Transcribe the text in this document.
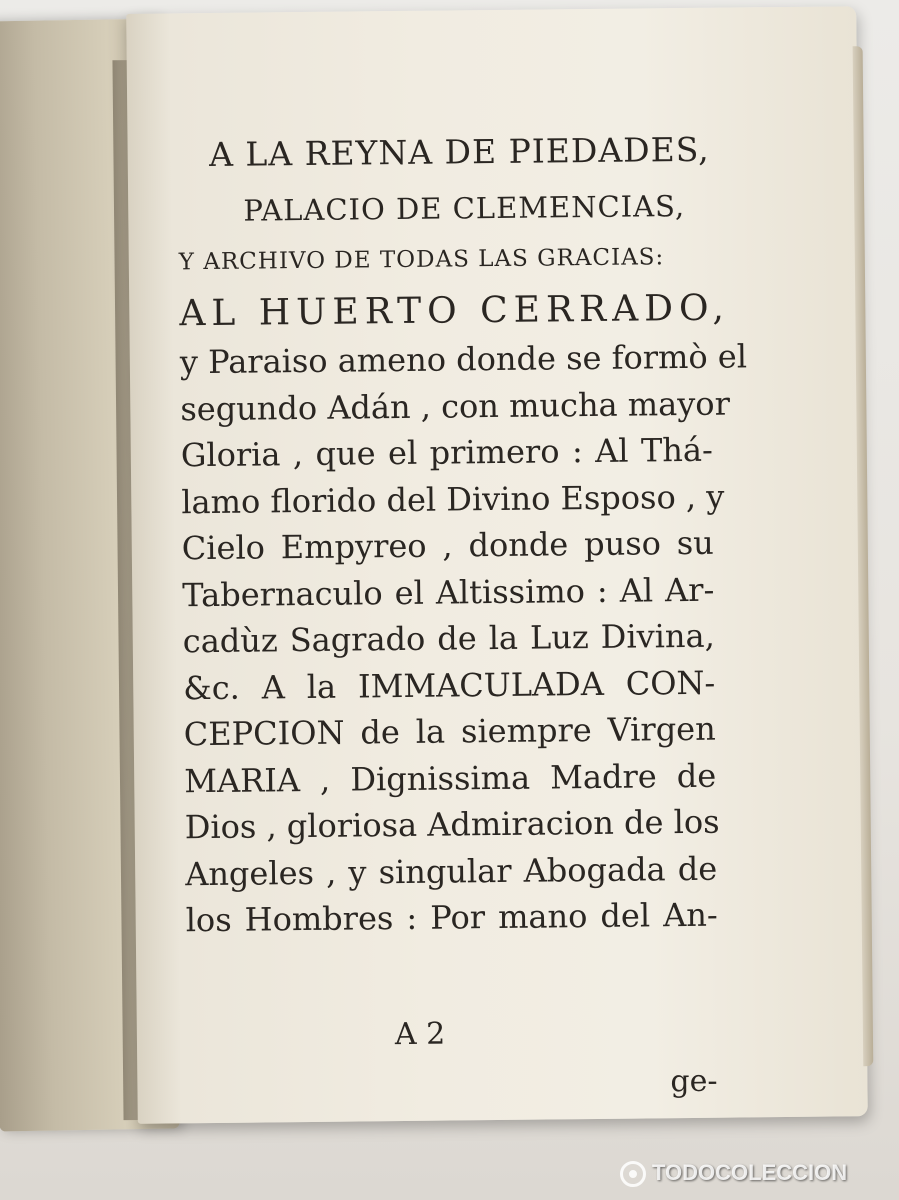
A LA REYNA DE PIEDADES,
PALACIO DE CLEMENCIAS,
Y ARCHIVO DE TODAS LAS GRACIAS:
AL HUERTO CERRADO,
y Paraiso ameno donde se formò el
segundo Adán , con mucha mayor
Gloria , que el primero : Al Thá-
lamo florido del Divino Esposo , y
Cielo Empyreo , donde puso su
Tabernaculo el Altissimo : Al Ar-
cadùz Sagrado de la Luz Divina,
&c. A la IMMACULADA CON-
CEPCION de la siempre Virgen
MARIA , Dignissima Madre de
Dios , gloriosa Admiracion de los
Angeles , y singular Abogada de
los Hombres : Por mano del An-
A 2
ge-
TODOCOLECCION
